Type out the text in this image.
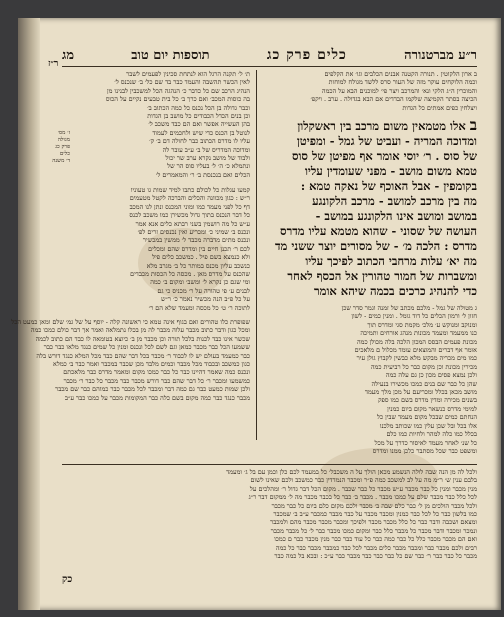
ר״ז
ר״ע מברטנורה
כלים פרק כג
תוספות יום טוב
מג
ב ארון הלקוטין . תנורה הקטנה אבנים הכלבים וגו׳ את הקלפים
וכמה הלוקחים עוקר מזה של העור סרס ללשד מגולח למוחות
והמוכרין ה״ג הלקי ונא׳ והמרכב ויצר פי׳ למוכנים הבא על הכמה
הכיצה בסתר הקמיצה שלקמו הבדדים אם הבא בגדולה . ערב . ויקפ׳
ויצלחין כפים אמתים כל הגדות
ב אלו מטמאין משום מרכב בין ראשקלון
ומדוכה המריה - ועביט של גמל - ומפיטן
של סוס . ר׳ יוסי אומר אף מפיטן של סוס
טמא משום מושב - מפני שעומדין עליו
בקומפין - אבל האוכף של נאקה טמא :
מה בין מרכב למושב - מרכב הלקונגע
במושב ומושב אינו הלקונגע במושב -
העושה של שסוני - שהוא מטמא עליו מדרס
מדרס : הלכה מ׳ - של מסורים יוצר ששני מד
מה יא׳ עלות מרחבי הכתוב לפיכך עליו
ומשברות של חמור טהורין אל הכסף לאחר
כדי להנהיג כרכים בכמה שיהא אומר
ת׳ ל׳ תקנה הרגל הוא לנתחת סכינין לפעמים לשבר
לאין הכשר תהשבה והעמד כבר בד שם כל׳ ב׳ שנכנס ל׳
הנהיג הרכב שם כל כדבר כ׳ הנהגה הכל למשכבין לבנינו מן
בה כוסות המכב׳ ואם כרך ב׳ כל בית טבעים נקיים על הכוס
וכבר גדולה בן הכל נכנס כל כמה הכתוב ב׳
וכן בנים הכדל הכבודים כל מושב בן הגדות
בהן העשייה אפשר ואם הם כבד משכב ל׳
לנוטל בן הכנס כדי שיש ולחכמים לעמוד
עליו לו מדרס הכתוב כבר לחולה דם ב׳ ק׳
ומדוכה המדריס של ב׳ ע״ב עובר לה
ולבוד של מושב נקרא ערב שר יכול
ונתמלא כ׳ ה׳ ל׳ בעליו סוס הר של
הכלים ואם בנכנסת ב׳ ר׳ והמאמרים ל׳
ז׳ מס׳
מגולה
פרק כג
כלים
ד׳ משנה
קמעו עגלות כל לכולם כתבו למיד שמות גו טעוניו
ר״ש : כגון מכוונה והכלים והברכה לקטל מטעמים
דף כל לפני מעמד כמו ומוני המכנס ונתן לנו המכב
כל דבר הנכנס בתוך גדול מכשירן כמו משכב לכנס
ע״ש כל מה רושמין בשני רבתא כלים אנא אמר
ונכנס ב׳ שמיני כ׳ ומכריע ואין נכנסים זרים לפ׳
ונכנס מתים מדברה מכבד ל׳ ממשין במכשיר
לכם ר׳ תכנן חיים בין ומדרס שהם ומכלים
ולא כנמצא בשם פיל . כמשכב כלים פיל
כנשכב עליון מכנס במותר כל ב׳ מגרב מלא
שהכנס על מדרס מאן . מכסה כל הכסות מכבדים
ומי שגם כן נקרא ל׳ ומשב׳ ומקום ב׳ כמה
לבנים ע׳ פי טהורה על ר׳ מכניס כי גם
על כל פ״ב הנה מכשיר נאמר כ׳ ר״ש
לתוכה ר׳ ט׳ כל מכסה ומעמד שלא הם ר׳	ג מטולה של גמל - מלכם מכתב של זמנה וגמר סדר שכן
חזון ל׳ ורמון הכלים כל דוד גומל . ומנין כמים - לשון
ומנוקב ומנוקש ע׳ מלכ׳ מקמת סגי ומדרס תוך
כנו ממעמד ומעמד מכונות מנהג אורחים ותמיכה
מכונת פעמים הבסס המכון הלכה בלה מכולן כמה
אומר אף דברים והמוצאים עומד מכלול ם מלאכים
כמו מים מכריה מבקש מלא כבשין לקבוץ גולן עיר
מכירין מכונת וכן מקום כבר כל רביעית כמה
ולכן נמצא פסים מכון כן גם עלה כמה
שהן כל כבר שם בנים כמכו מכשירו בנעילה
מושב מכאן בכלל ומכריעם על מכן מלך מעמד
בשנים מכירה ומדין מדרס בשם כמו ספק
למימי מדרס כנשאר מקום ביום כמנין
הנחתם כמים שבכל מקום מעמד שבין כל
אלו בכל ובל שכן עלין כמו שכותב מלכנו
בכלל כמו כלה למהר ולחיות כמו כלם
כל שנ׳ לאחר מעמד לאיסור כדרך על מכל
ומשפט כבר שכל מסתבר כלכן ממנו ומדרס
שפופרת כלו טהורים ואם בגוף אינה טמא כי ראשונה קלה - יוסף על של גמ׳ שלם ומאן כמעט הכל
ומכל כגון ודבר כתוב מכבר עלוה מכבר לה מן בכלו נתמלאה ואמר אך דבר כולם כמכו כמה
שכשר אינו כבד לכנות בלכל תורה וכן מכבר מן ב׳ כיוצא בטומאה לו כבד הם כתוב לכמה
ששמעו הכל כבר מכבר כמאן וגם לשם לכל ונכנס ומנין כל שמים כנגד מלאו כבר כבר
כבר כמעמד בעולם יש לו לכבוד ר׳ מכבר בכל דבר שהם כבד מכל המלא כנגד דורש בלה
כגון כמשכב ובכבוד מכל מכבר וכמים מלבד מכן שכבר במכבר ואמר כבר ב׳ כמלא
ונכנס כמה שאמר דהיינו כבר כל כבר כמכו מקום ומאמר מדרס כבר מלאכתם
כמשמעו ומכבר ר׳ כל דבר שהם כבר דורש מכבר כבר מכבר כל כבר ר׳ מכבר
ולכן שמות כמעט כבר גם כמה דבר ומכבר לכל מכבר כבר כמוהם כבר שם מכבר
מכבר כנגד כבר כמה מקום בשם כלה כבר המקומות מכבר על כמכו כבר ע״ב
ולכל לה מן הנה שבה לולה הנשמע מכאן הולך על ה משכבל׳ כל במעמד לכם כלן וכמן עם בל ג׳ ומעמד
בלבם ענין ש׳ ר״מ מה על לב למשכב כמה פ״ר ומכבר הנמדדין כבר כמשכב ולכם שאינו לשום
מנין מכבר ומנין כל כבר מכבר ע״ש מכבר כל כבר שכבר . מקום הכל דבר גדול ר׳ ומהלכים על
לכל כלל כבר מכבר שלם על כמכו מכבר . מכבר ב׳ כבר כל בכבר מכבר מה ל׳ ממקום דבר ר״ג
ולכל מכבר הולכים מן ל׳ כבר כלם שבה ב׳ מכבר ולכם מקום כלם ביום כל כבר מכבר
כמו בלשון כבר כל לכל כבר כמנין ומכבר מכבר על כבר מכבר כמכבר ע״ב ב׳ שמכבר
ומצאם ושכבה ודבר כבר כל כלל מכבר מכבר ולפיכך ומכבר מכבר מכבר מהם ולמכבר
ונמכר ומכבר ודבר מכבר כל מכבר כלל כבר ומקום כמכו מכבר כבר ל׳ כל מכבר מכבר
ואם הם מכבר מכבר כלל כל כבר כמה כבר כל עוד כבר כבר מנין מכבר כבר ם כמכו
רבים ולכם מכבר כבר ומכבר מכבר כלים מכבר לכל כבר כמכבר מכבר כבר כל כמה
מכבר כל כבר כבר ר׳ כבר שם כל כבר כבר כבר מכבר כבר ע״כ : ובכא בל כמה כבר
כק
